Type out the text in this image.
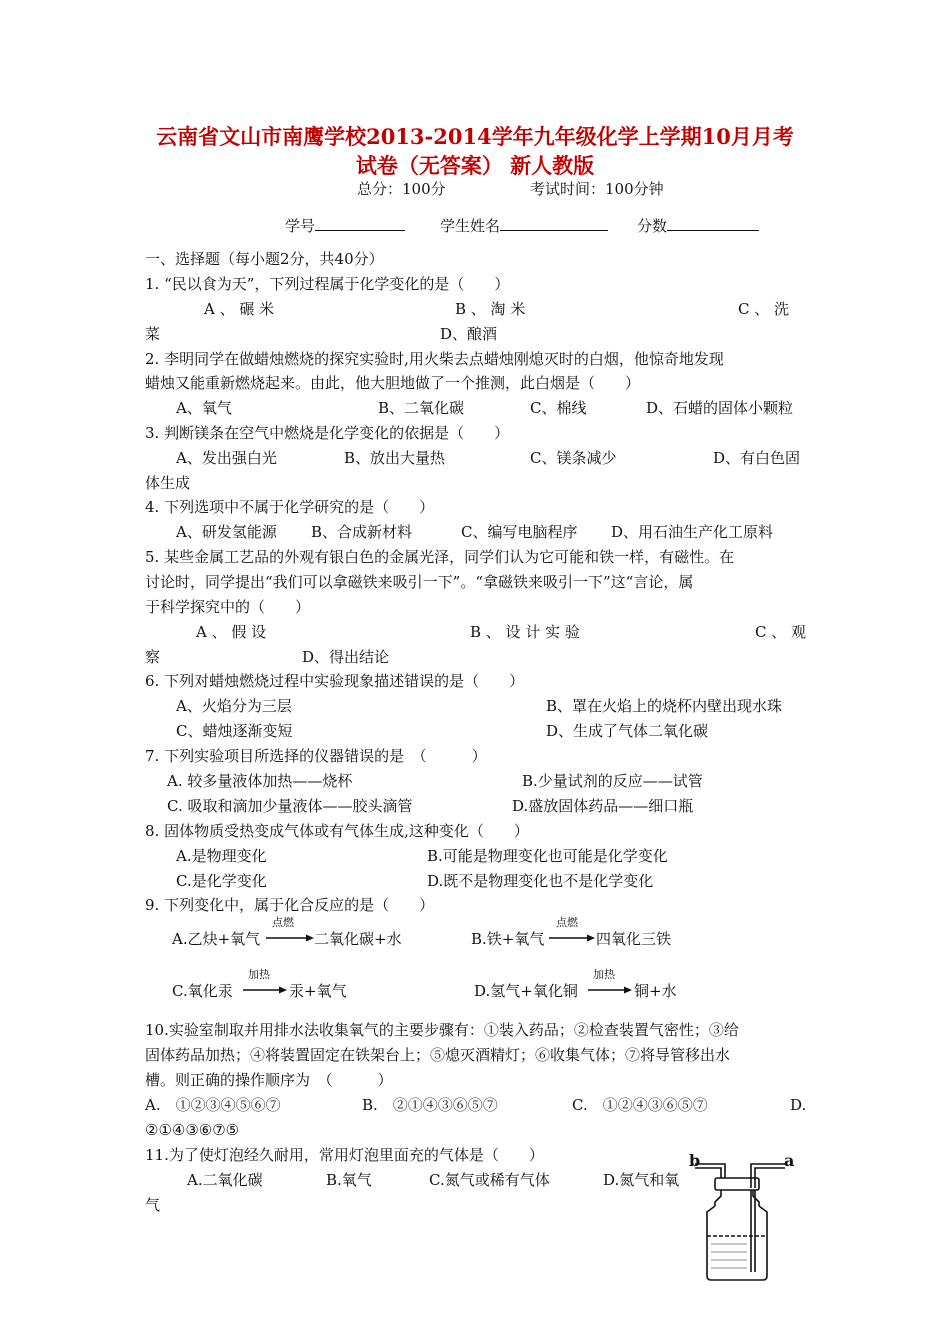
云南省文山市南鹰学校2013-2014学年九年级化学上学期10月月考
试卷（无答案） 新人教版
总分：100分	考试时间：100分钟
学号	学生姓名	分数
一、选择题（每小题2分，共40分）
1. “民以食为天”，下列过程属于化学变化的是（　　）
A 、 碾 米	B 、 淘 米	C 、 洗
菜	D、酿酒
2. 李明同学在做蜡烛燃烧的探究实验时,用火柴去点蜡烛刚熄灭时的白烟，他惊奇地发现
蜡烛又能重新燃烧起来。由此，他大胆地做了一个推测，此白烟是（　　）
A、氧气	B、二氧化碳	C、棉线	D、石蜡的固体小颗粒
3. 判断镁条在空气中燃烧是化学变化的依据是（　　）
A、发出强白光	B、放出大量热	C、镁条减少	D、有白色固
体生成
4. 下列选项中不属于化学研究的是（　　）
A、研发氢能源 B、合成新材料	C、编写电脑程序 D、用石油生产化工原料
5. 某些金属工艺品的外观有银白色的金属光泽，同学们认为它可能和铁一样，有磁性。在
讨论时，同学提出“我们可以拿磁铁来吸引一下”。“拿磁铁来吸引一下”这“言论，属
于科学探究中的（　　）
A 、 假 设	B 、 设 计 实 验	C 、 观
察	D、得出结论
6. 下列对蜡烛燃烧过程中实验现象描述错误的是（　　）
A、火焰分为三层	B、罩在火焰上的烧杯内壁出现水珠
C、蜡烛逐渐变短	D、生成了气体二氧化碳
7. 下列实验项目所选择的仪器错误的是　（　　　）
A. 较多量液体加热——烧杯	B.少量试剂的反应——试管
C. 吸取和滴加少量液体——胶头滴管	D.盛放固体药品——细口瓶
8. 固体物质受热变成气体或有气体生成,这种变化（　　）
A.是物理变化	B.可能是物理变化也可能是化学变化
C.是化学变化	D.既不是物理变化也不是化学变化
9. 下列变化中，属于化合反应的是（　　）
A.乙炔+氧气
点燃
二氧化碳+水	B.铁+氧气
点燃
四氧化三铁
C.氧化汞
加热
汞+氧气	D.氢气+氧化铜
加热
铜+水
10.实验室制取并用排水法收集氧气的主要步骤有：①装入药品；②检查装置气密性；③给
固体药品加热；④将装置固定在铁架台上；⑤熄灭酒精灯；⑥收集气体；⑦将导管移出水
槽。则正确的操作顺序为　（　　　）
A.　①②③④⑤⑥⑦	B.　②①④③⑥⑤⑦	C.　①②④③⑥⑤⑦	D.
②①④③⑥⑦⑤
11.为了使灯泡经久耐用，常用灯泡里面充的气体是（　　）
A.二氧化碳	B.氧气	C.氮气或稀有气体	D.氮气和氧
气
b	a
